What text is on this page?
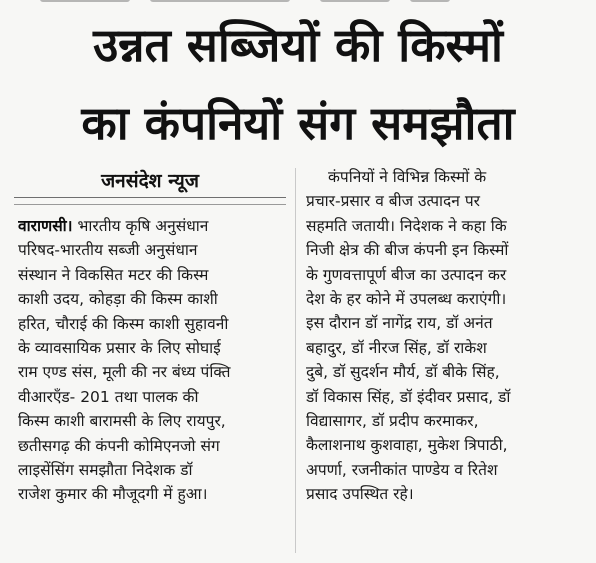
उन्नत सब्जियों की किस्मों
का कंपनियों संग समझौता
जनसंदेश न्यूज
वाराणसी। भारतीय कृषि अनुसंधान
परिषद-भारतीय सब्जी अनुसंधान
संस्थान ने विकसित मटर की किस्म
काशी उदय, कोहड़ा की किस्म काशी
हरित, चौराई की किस्म काशी सुहावनी
के व्यावसायिक प्रसार के लिए सोघाई
राम एण्ड संस, मूली की नर बंध्य पंक्ति
वीआरएँड- 201 तथा पालक की
किस्म काशी बारामसी के लिए रायपुर,
छतीसगढ़ की कंपनी कोमिएनजो संग
लाइसेंसिंग समझौता निदेशक डॉ
राजेश कुमार की मौजूदगी में हुआ।
कंपनियों ने विभिन्न किस्मों के
प्रचार-प्रसार व बीज उत्पादन पर
सहमति जतायी। निदेशक ने कहा कि
निजी क्षेत्र की बीज कंपनी इन किस्मों
के गुणवत्तापूर्ण बीज का उत्पादन कर
देश के हर कोने में उपलब्ध कराएंगी।
इस दौरान डॉ नागेंद्र राय, डॉ अनंत
बहादुर, डॉ नीरज सिंह, डॉ राकेश
दुबे, डॉ सुदर्शन मौर्य, डॉ बीके सिंह,
डॉ विकास सिंह, डॉ इंदीवर प्रसाद, डॉ
विद्यासागर, डॉ प्रदीप करमाकर,
कैलाशनाथ कुशवाहा, मुकेश त्रिपाठी,
अपर्णा, रजनीकांत पाण्डेय व रितेश
प्रसाद उपस्थित रहे।
